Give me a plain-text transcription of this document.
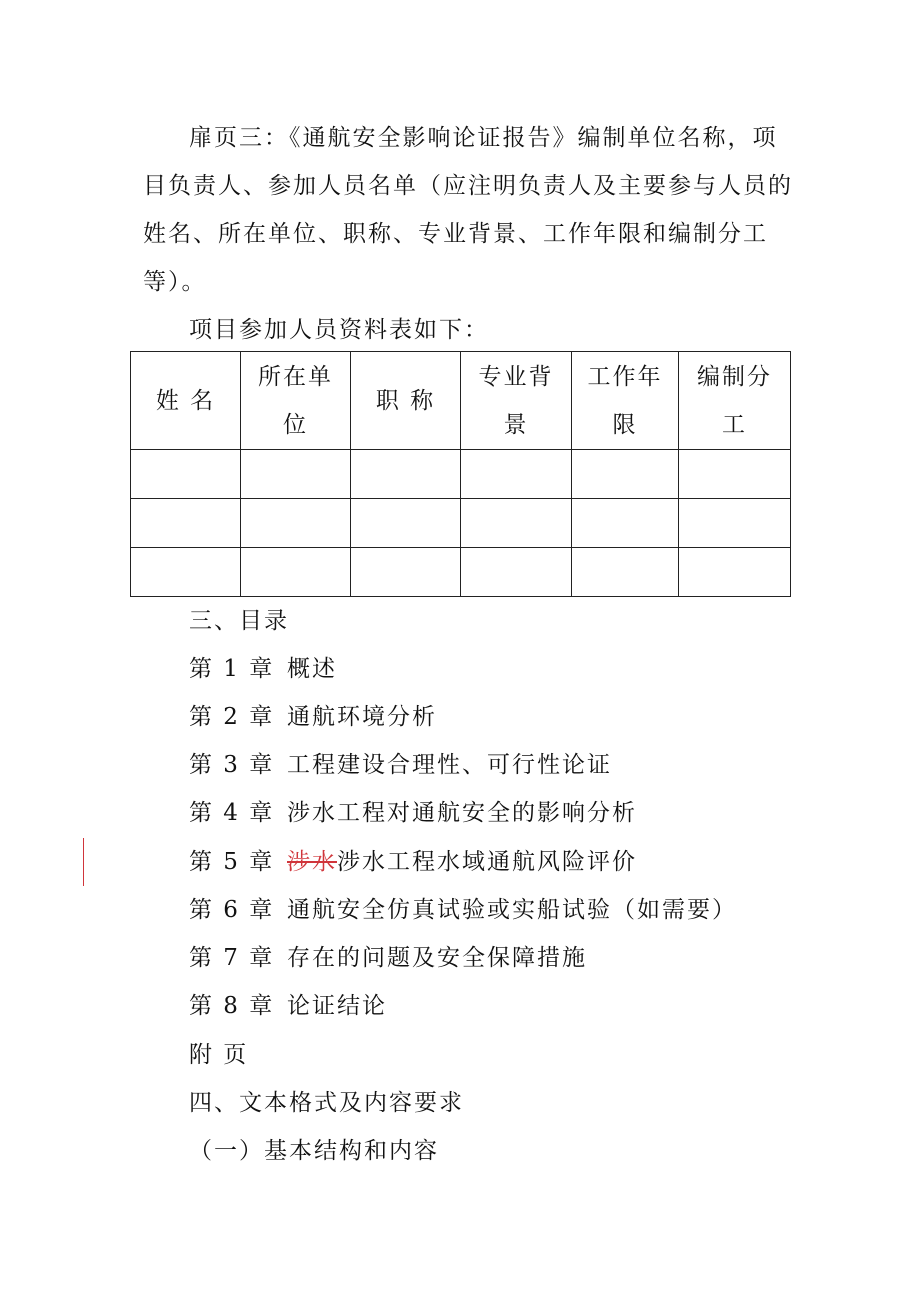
扉页三：《通航安全影响论证报告》编制单位名称，项目负责人、参加人员名单（应注明负责人及主要参与人员的姓名、所在单位、职称、专业背景、工作年限和编制分工等）。

项目参加人员资料表如下：

姓 名	所在单位	职 称	专业背景	工作年限	编制分工

三、目录

第 1 章 概述

第 2 章 通航环境分析

第 3 章 工程建设合理性、可行性论证

第 4 章 涉水工程对通航安全的影响分析

第 5 章 涉水涉水工程水域通航风险评价

第 6 章 通航安全仿真试验或实船试验（如需要）

第 7 章 存在的问题及安全保障措施

第 8 章 论证结论

附 页

四、文本格式及内容要求

（一）基本结构和内容
